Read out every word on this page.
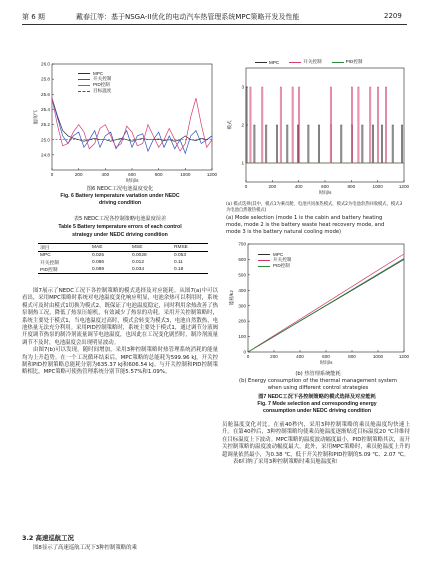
第 6 期	戴春江等：基于NSGA-II优化的电动汽车热管理系统MPC策略开发及性能	2209
0	200	400	600	800	1000	1200
24.8
25.0
25.2
25.4
25.6
25.8
26.0
时间/s
温度/℃
MPC
开关控制
PID控制
目标温度
图6 NEDC工况电池温度变化
Fig. 6 Battery temperature variation under NEDC
driving condition
表5 NEDC工况各控制策略电池温度误差
Table 5 Battery temperature errors of each control
strategy under NEDC driving condition
项目	MAE	MSE	RMSE
MPC	0.025	0.0028	0.053
开关控制	0.086	0.012	0.11
PID控制	0.089	0.034	0.18

图7展示了NEDC工况下各控制策略的模式选择及对应能耗。从图7(a)中可以看出，采用MPC策略时系统对电池温度变化响应明显，电池余热可以利用时，系统模式可及时由模式1切换为模式2，既保证了电池温度稳定，同时利用余热改善了热泵制热工况，降低了热泵压缩机，有效减少了热泵的功耗。采用开关控制策略时，系统主要处于模式1，当电池温度过高时，模式会转变为模式3，电池自然散热，电池热量无法充分利用。采用PID控制策略时，系统主要处于模式1，通过调节分液阀开度调节热泵的制冷剂流量调节电池温度，也因此在工况变化剧烈时，制冷剂流量调节不及时，电池温度会出现明显波动。

由图7(b)可以发现，随时间增加，采用3种控制策略时热管理系统消耗的能量均为上升趋势。在一个工况循环结束后，MPC策略的总能耗为599.96 kJ，开关控制和PID控制策略总能耗分别为635.37 kJ和606.54 kJ。与开关控制和PID控制策略相比，MPC策略可使热管理系统分别节能5.57%和1.09%。

3.2 高速巡航工况

图8显示了高速巡航工况下3种控制策略的乘

0	200	400	600	800	1000	1200
1
2
3
时间/s
模式
MPC	开关控制	PID控制
(a) 模式选择(其中，模式1为乘员舱、电池共同加热模式，模式2为电池余热回收模式，模式3为电池自然散热模式)
(a) Mode selection (mode 1 is the cabin and battery heating
mode, mode 2 is the battery waste heat recovery mode, and
mode 3 is the battery natural cooling mode)
0	200	400	600	800	1000	1200
0
100
200
300
400
500
600
700
时间/s
能耗/kJ
MPC
开关控制
PID控制
(b) 热管理系统能耗
(b) Energy consumption of the thermal management system
when using different control strategies
图7 NEDC工况下各控制策略的模式选择及对应能耗
Fig. 7 Mode selection and corresponding energy
consumption under NEDC driving condition

员舱温度变化对比。在前40秒内，采用3种控制策略的乘员舱温度均快速上升。在第40秒后，3种控制策略均使乘员舱温度逐渐贴近目标温度20 ℃并维持在目标温度上下波动。MPC策略的温度波动幅度最小，PID控制策略其次，而开关控制策略的温度波动幅度最大。此外，采用MPC策略时，乘员舱温度上升的超调量依然最小，为0.38 ℃，低于开关控制和PID控制的5.09 ℃、2.07 ℃。

表6归纳了采用3种控制策略时乘员舱温度和
